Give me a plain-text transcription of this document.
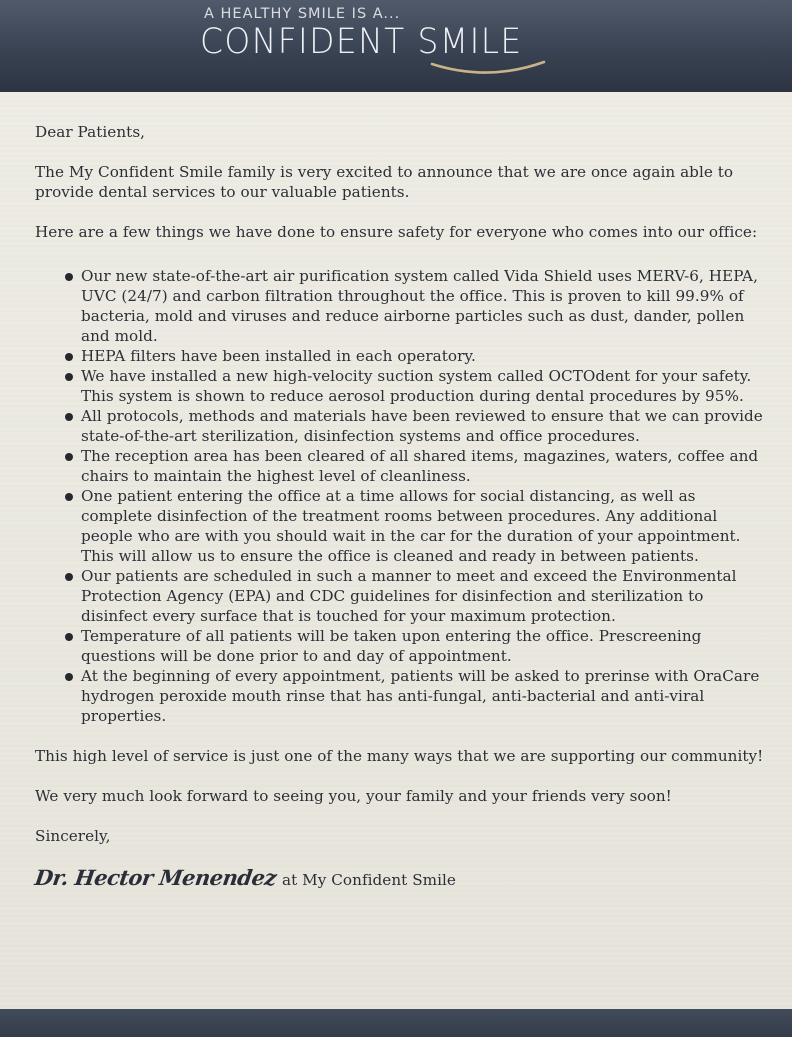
A HEALTHY SMILE IS A...
CONFIDENT SMILE

Dear Patients,

The My Confident Smile family is very excited to announce that we are once again able to provide dental services to our valuable patients.

Here are a few things we have done to ensure safety for everyone who comes into our office:

Our new state-of-the-art air purification system called Vida Shield uses MERV-6, HEPA, UVC (24/7) and carbon filtration throughout the office. This is proven to kill 99.9% of bacteria, mold and viruses and reduce airborne particles such as dust, dander, pollen and mold.
HEPA filters have been installed in each operatory.
We have installed a new high-velocity suction system called OCTOdent for your safety. This system is shown to reduce aerosol production during dental procedures by 95%.
All protocols, methods and materials have been reviewed to ensure that we can provide state-of-the-art sterilization, disinfection systems and office procedures.
The reception area has been cleared of all shared items, magazines, waters, coffee and chairs to maintain the highest level of cleanliness.
One patient entering the office at a time allows for social distancing, as well as complete disinfection of the treatment rooms between procedures. Any additional people who are with you should wait in the car for the duration of your appointment. This will allow us to ensure the office is cleaned and ready in between patients.
Our patients are scheduled in such a manner to meet and exceed the Environmental Protection Agency (EPA) and CDC guidelines for disinfection and sterilization to disinfect every surface that is touched for your maximum protection.
Temperature of all patients will be taken upon entering the office. Prescreening questions will be done prior to and day of appointment.
At the beginning of every appointment, patients will be asked to prerinse with OraCare hydrogen peroxide mouth rinse that has anti-fungal, anti-bacterial and anti-viral properties.

This high level of service is just one of the many ways that we are supporting our community!

We very much look forward to seeing you, your family and your friends very soon!

Sincerely,

Dr. Hector Menendez at My Confident Smile
